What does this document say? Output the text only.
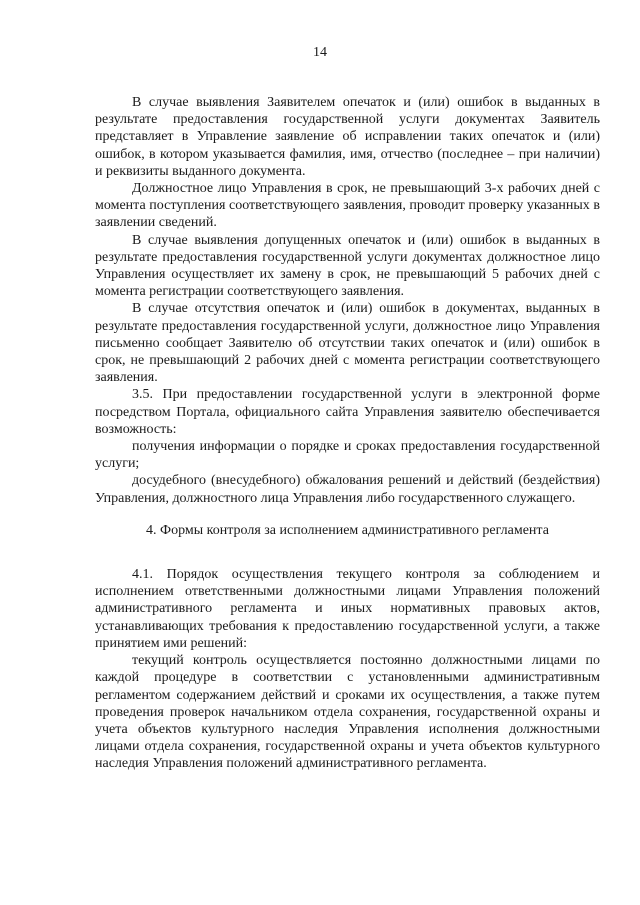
14

В случае выявления Заявителем опечаток и (или) ошибок в выданных в результате предоставления государственной услуги документах Заявитель представляет в Управление заявление об исправлении таких опечаток и (или) ошибок, в котором указывается фамилия, имя, отчество (последнее – при наличии) и реквизиты выданного документа.

Должностное лицо Управления в срок, не превышающий 3-х рабочих дней с момента поступления соответствующего заявления, проводит проверку указанных в заявлении сведений.

В случае выявления допущенных опечаток и (или) ошибок в выданных в результате предоставления государственной услуги документах должностное лицо Управления осуществляет их замену в срок, не превышающий 5 рабочих дней с момента регистрации соответствующего заявления.

В случае отсутствия опечаток и (или) ошибок в документах, выданных в результате предоставления государственной услуги, должностное лицо Управления письменно сообщает Заявителю об отсутствии таких опечаток и (или) ошибок в срок, не превышающий 2 рабочих дней с момента регистрации соответствующего заявления.

3.5. При предоставлении государственной услуги в электронной форме посредством Портала, официального сайта Управления заявителю обеспечивается возможность:

получения информации о порядке и сроках предоставления государственной услуги;

досудебного (внесудебного) обжалования решений и действий (бездействия) Управления, должностного лица Управления либо государственного служащего.

4. Формы контроля за исполнением административного регламента

4.1. Порядок осуществления текущего контроля за соблюдением и исполнением ответственными должностными лицами Управления положений административного регламента и иных нормативных правовых актов, устанавливающих требования к предоставлению государственной услуги, а также принятием ими решений:

текущий контроль осуществляется постоянно должностными лицами по каждой процедуре в соответствии с установленными административным регламентом содержанием действий и сроками их осуществления, а также путем проведения проверок начальником отдела сохранения, государственной охраны и учета объектов культурного наследия Управления исполнения должностными лицами отдела сохранения, государственной охраны и учета объектов культурного наследия Управления положений административного регламента.
